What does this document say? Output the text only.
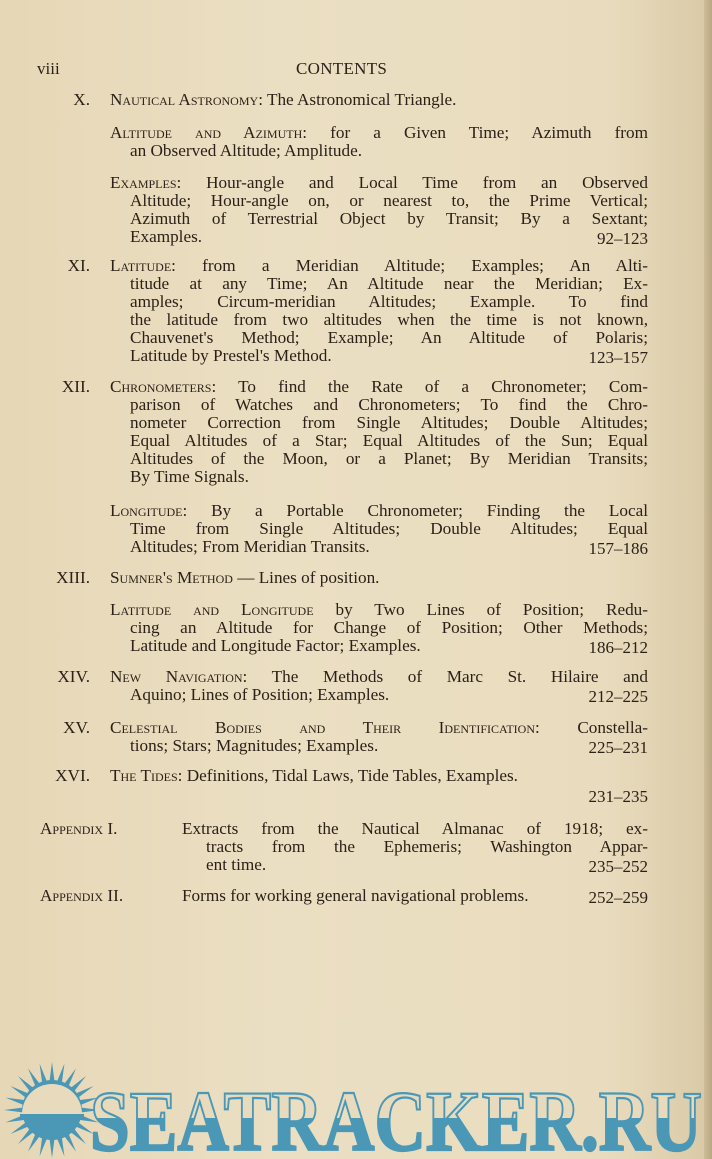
viii	CONTENTS
X. Nautical Astronomy: The Astronomical Triangle.
Altitude and Azimuth: for a Given Time; Azimuth from
an Observed Altitude; Amplitude.
Examples: Hour-angle and Local Time from an Observed
Altitude; Hour-angle on, or nearest to, the Prime Vertical;
Azimuth of Terrestrial Object by Transit; By a Sextant;
Examples.	92–123
XI. Latitude: from a Meridian Altitude; Examples; An Alti-
titude at any Time; An Altitude near the Meridian; Ex-
amples; Circum-meridian Altitudes; Example. To find
the latitude from two altitudes when the time is not known,
Chauvenet's Method; Example; An Altitude of Polaris;
Latitude by Prestel's Method.	123–157
XII. Chronometers: To find the Rate of a Chronometer; Com-
parison of Watches and Chronometers; To find the Chro-
nometer Correction from Single Altitudes; Double Altitudes;
Equal Altitudes of a Star; Equal Altitudes of the Sun; Equal
Altitudes of the Moon, or a Planet; By Meridian Transits;
By Time Signals.
Longitude: By a Portable Chronometer; Finding the Local
Time from Single Altitudes; Double Altitudes; Equal
Altitudes; From Meridian Transits.	157–186
XIII. Sumner's Method — Lines of position.
Latitude and Longitude by Two Lines of Position; Redu-
cing an Altitude for Change of Position; Other Methods;
Latitude and Longitude Factor; Examples.	186–212
XIV. New Navigation: The Methods of Marc St. Hilaire and
Aquino; Lines of Position; Examples.	212–225
XV. Celestial Bodies and Their Identification: Constella-
tions; Stars; Magnitudes; Examples.	225–231
XVI. The Tides: Definitions, Tidal Laws, Tide Tables, Examples.
231–235
Appendix I.	Extracts from the Nautical Almanac of 1918; ex-
tracts from the Ephemeris; Washington Appar-
ent time.	235–252
Appendix II.	Forms for working general navigational problems.	252–259
SEATRACKER.RU
